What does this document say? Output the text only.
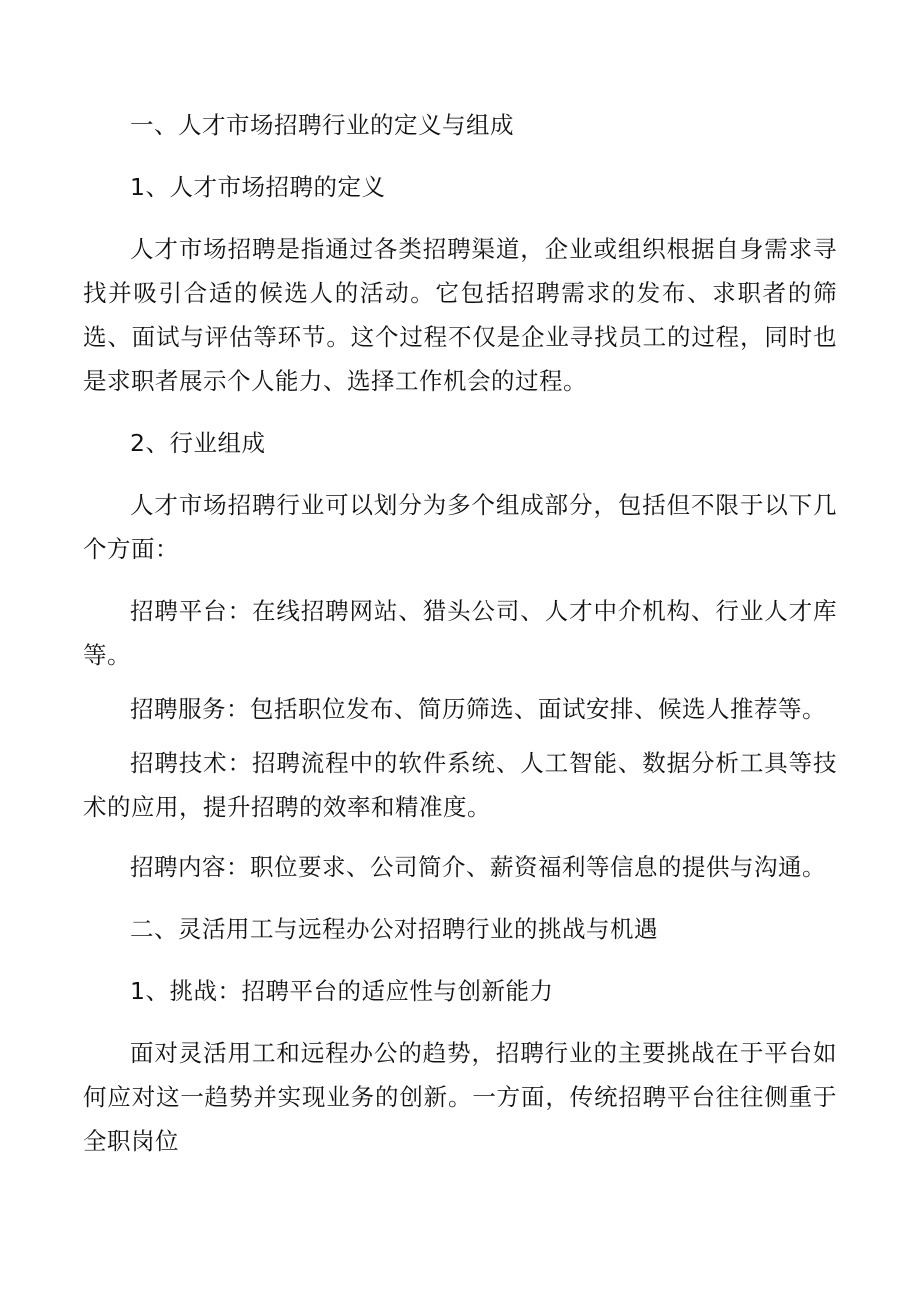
一、人才市场招聘行业的定义与组成

1、人才市场招聘的定义

人才市场招聘是指通过各类招聘渠道，企业或组织根据自身需求寻找并吸引合适的候选人的活动。它包括招聘需求的发布、求职者的筛选、面试与评估等环节。这个过程不仅是企业寻找员工的过程，同时也是求职者展示个人能力、选择工作机会的过程。

2、行业组成

人才市场招聘行业可以划分为多个组成部分，包括但不限于以下几个方面：

招聘平台：在线招聘网站、猎头公司、人才中介机构、行业人才库等。

招聘服务：包括职位发布、简历筛选、面试安排、候选人推荐等。

招聘技术：招聘流程中的软件系统、人工智能、数据分析工具等技术的应用，提升招聘的效率和精准度。

招聘内容：职位要求、公司简介、薪资福利等信息的提供与沟通。

二、灵活用工与远程办公对招聘行业的挑战与机遇

1、挑战：招聘平台的适应性与创新能力

面对灵活用工和远程办公的趋势，招聘行业的主要挑战在于平台如何应对这一趋势并实现业务的创新。一方面，传统招聘平台往往侧重于全职岗位
